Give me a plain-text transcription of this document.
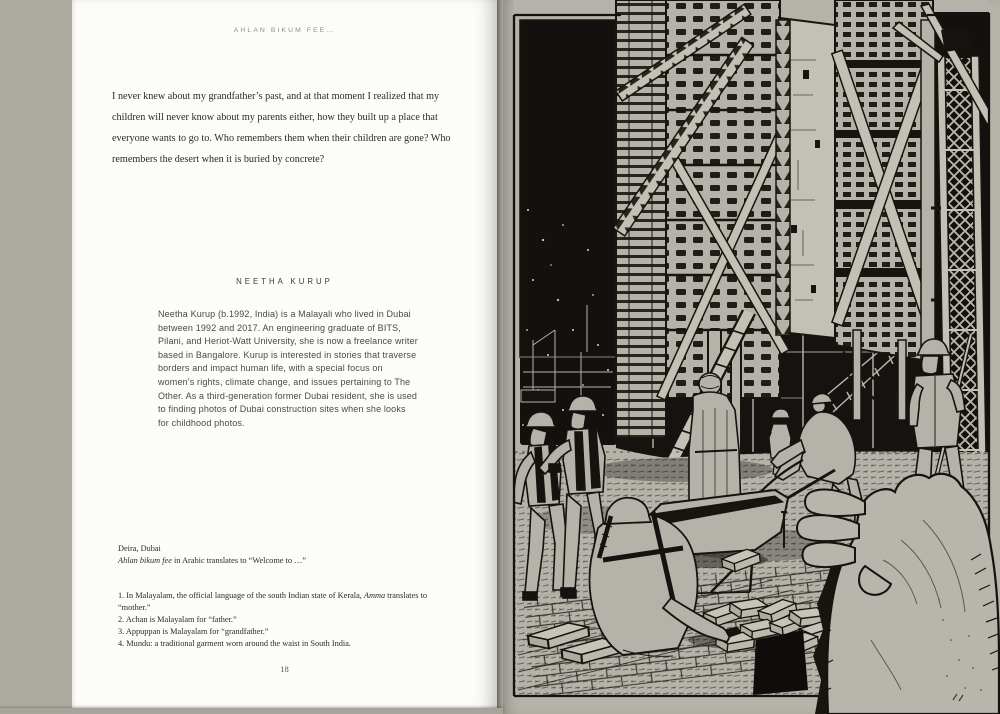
AHLAN BIKUM FEE…

I never knew about my grandfather’s past, and at that moment I realized that my children will never know about my parents either, how they built up a place that everyone wants to go to. Who remembers them when their children are gone? Who remembers the desert when it is buried by concrete?

NEETHA KURUP

Neetha Kurup (b.1992, India) is a Malayali who lived in Dubai between 1992 and 2017. An engineering graduate of BITS, Pilani, and Heriot-Watt University, she is now a freelance writer based in Bangalore. Kurup is interested in stories that traverse borders and impact human life, with a special focus on women’s rights, climate change, and issues pertaining to The Other. As a third-generation former Dubai resident, she is used to finding photos of Dubai construction sites when she looks for childhood photos.

Deira, Dubai
Ahlan bikum fee in Arabic translates to “Welcome to …”
1. In Malayalam, the official language of the south Indian state of Kerala, Amma translates to “mother.”
2. Achan is Malayalam for “father.”
3. Appuppan is Malayalam for “grandfather.”
4. Mundu: a traditional garment worn around the waist in South India.
18
